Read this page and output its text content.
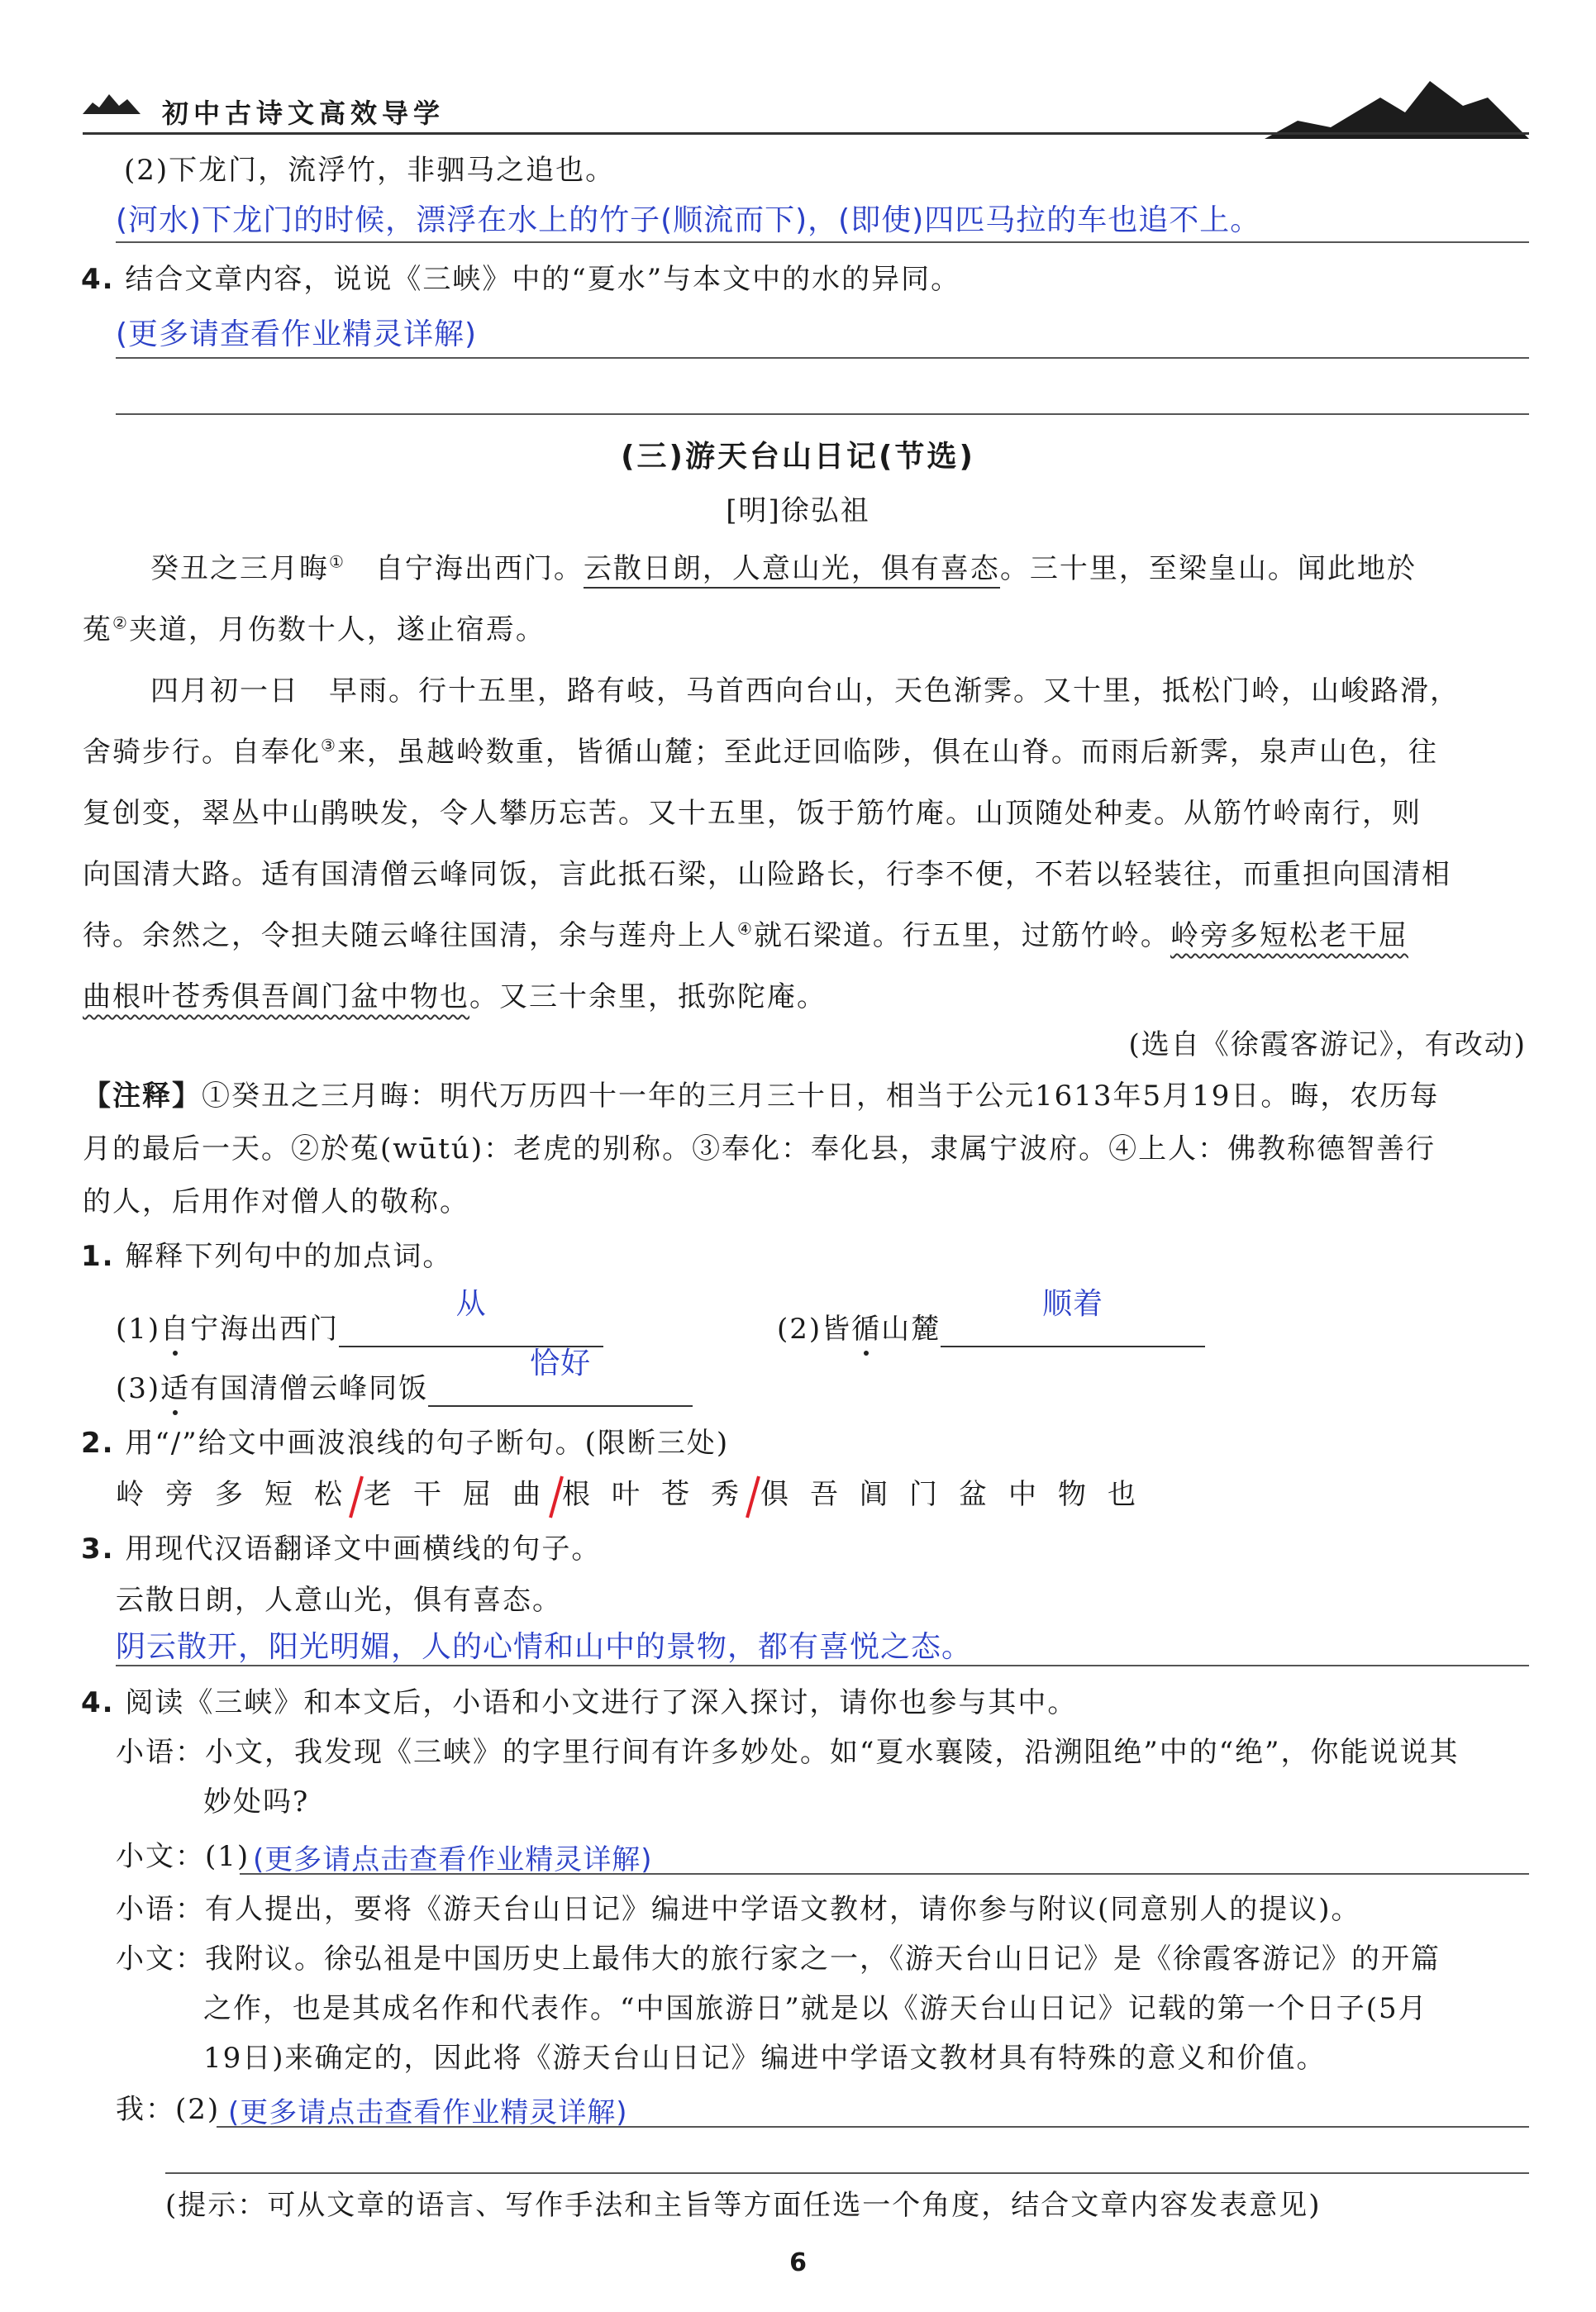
初中古诗文高效导学
(2)下龙门，流浮竹，非驷马之追也。
(河水)下龙门的时候，漂浮在水上的竹子(顺流而下)，(即使)四匹马拉的车也追不上。
4. 结合文章内容，说说《三峡》中的“夏水”与本文中的水的异同。
(更多请查看作业精灵详解)
(三)游天台山日记(节选)
[明]徐弘祖
癸丑之三月晦①　自宁海出西门。云散日朗，人意山光，俱有喜态。三十里，至梁皇山。闻此地於
菟②夹道，月伤数十人，遂止宿焉。
四月初一日　早雨。行十五里，路有岐，马首西向台山，天色渐霁。又十里，抵松门岭，山峻路滑，
舍骑步行。自奉化③来，虽越岭数重，皆循山麓；至此迂回临陟，俱在山脊。而雨后新霁，泉声山色，往
复创变，翠丛中山鹃映发，令人攀历忘苦。又十五里，饭于筋竹庵。山顶随处种麦。从筋竹岭南行，则
向国清大路。适有国清僧云峰同饭，言此抵石梁，山险路长，行李不便，不若以轻装往，而重担向国清相
待。余然之，令担夫随云峰往国清，余与莲舟上人④就石梁道。行五里，过筋竹岭。岭旁多短松老干屈
曲根叶苍秀俱吾阊门盆中物也。又三十余里，抵弥陀庵。
(选自《徐霞客游记》，有改动)
【注释】①癸丑之三月晦：明代万历四十一年的三月三十日，相当于公元1613年5月19日。晦，农历每
月的最后一天。②於菟(wūtú)：老虎的别称。③奉化：奉化县，隶属宁波府。④上人：佛教称德智善行
的人，后用作对僧人的敬称。
1. 解释下列句中的加点词。
(1)自宁海出西门
从

(2)皆循山麓
顺着

(3)适有国清僧云峰同饭
恰好

2. 用“/”给文中画波浪线的句子断句。(限断三处)
岭 旁 多 短 松 老 干 屈 曲 根 叶 苍 秀 俱 吾 阊 门 盆 中 物 也
3. 用现代汉语翻译文中画横线的句子。
云散日朗，人意山光，俱有喜态。
阴云散开，阳光明媚，人的心情和山中的景物，都有喜悦之态。
4. 阅读《三峡》和本文后，小语和小文进行了深入探讨，请你也参与其中。
小语：小文，我发现《三峡》的字里行间有许多妙处。如“夏水襄陵，沿溯阻绝”中的“绝”，你能说说其
妙处吗?
小文：(1) (更多请点击查看作业精灵详解)
小语：有人提出，要将《游天台山日记》编进中学语文教材，请你参与附议(同意别人的提议)。
小文：我附议。徐弘祖是中国历史上最伟大的旅行家之一，《游天台山日记》是《徐霞客游记》的开篇
之作，也是其成名作和代表作。“中国旅游日”就是以《游天台山日记》记载的第一个日子(5月
19日)来确定的，因此将《游天台山日记》编进中学语文教材具有特殊的意义和价值。
我：(2) (更多请点击查看作业精灵详解)
(提示：可从文章的语言、写作手法和主旨等方面任选一个角度，结合文章内容发表意见)
6
